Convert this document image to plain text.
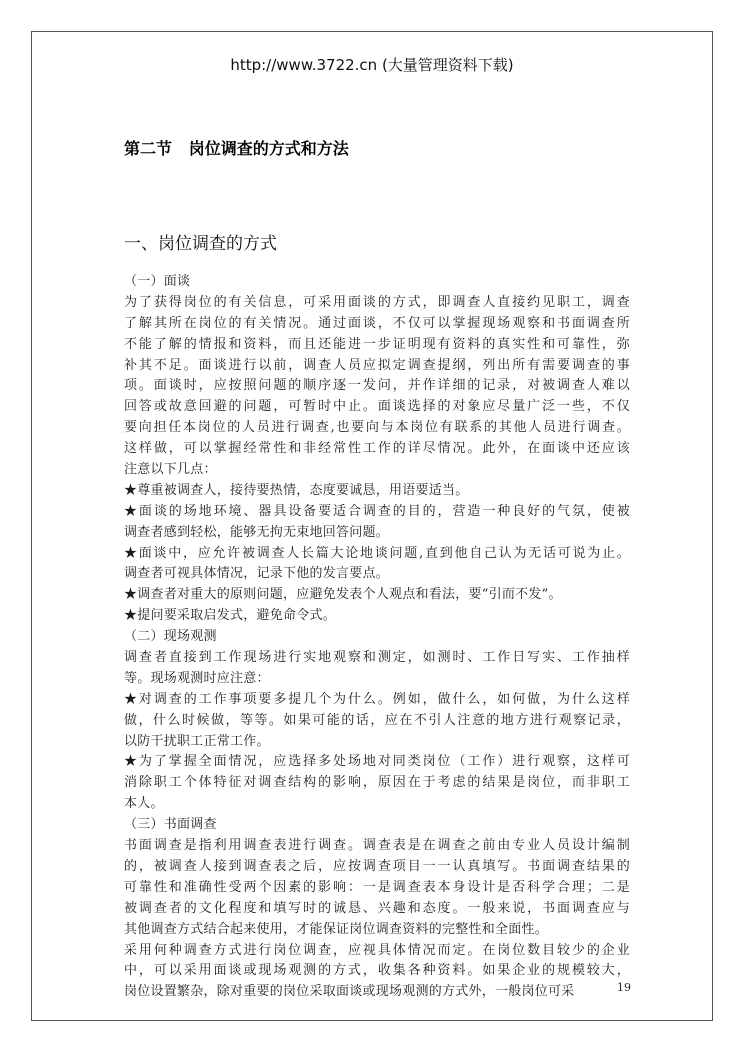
http://www.3722.cn (大量管理资料下载)
第二节   岗位调查的方式和方法
一、岗位调查的方式
（一）面谈
为了获得岗位的有关信息，可采用面谈的方式，即调查人直接约见职工，调查
了解其所在岗位的有关情况。通过面谈，不仅可以掌握现场观察和书面调查所
不能了解的情报和资料，而且还能进一步证明现有资料的真实性和可靠性，弥
补其不足。面谈进行以前，调查人员应拟定调查提纲，列出所有需要调查的事
项。面谈时，应按照问题的顺序逐一发问，并作详细的记录，对被调查人难以
回答或故意回避的问题，可暂时中止。面谈选择的对象应尽量广泛一些，不仅
要向担任本岗位的人员进行调查,也要向与本岗位有联系的其他人员进行调查。
这样做，可以掌握经常性和非经常性工作的详尽情况。此外，在面谈中还应该
注意以下几点：
★尊重被调查人，接待要热情，态度要诚恳，用语要适当。
★面谈的场地环境、器具设备要适合调查的目的，营造一种良好的气氛，使被
调查者感到轻松，能够无拘无束地回答问题。
★面谈中，应允许被调查人长篇大论地谈问题,直到他自己认为无话可说为止。
调查者可视具体情况，记录下他的发言要点。
★调查者对重大的原则问题，应避免发表个人观点和看法，要“引而不发”。
★提问要采取启发式，避免命令式。
（二）现场观测
调查者直接到工作现场进行实地观察和测定，如测时、工作日写实、工作抽样
等。现场观测时应注意：
★对调查的工作事项要多提几个为什么。例如，做什么，如何做，为什么这样
做，什么时候做，等等。如果可能的话，应在不引人注意的地方进行观察记录，
以防干扰职工正常工作。
★为了掌握全面情况，应选择多处场地对同类岗位（工作）进行观察，这样可
消除职工个体特征对调查结构的影响，原因在于考虑的结果是岗位，而非职工
本人。
（三）书面调查
书面调查是指利用调查表进行调查。调查表是在调查之前由专业人员设计编制
的，被调查人接到调查表之后，应按调查项目一一认真填写。书面调查结果的
可靠性和准确性受两个因素的影响：一是调查表本身设计是否科学合理；二是
被调查者的文化程度和填写时的诚恳、兴趣和态度。一般来说，书面调查应与
其他调查方式结合起来使用，才能保证岗位调查资料的完整性和全面性。
采用何种调查方式进行岗位调查，应视具体情况而定。在岗位数目较少的企业
中，可以采用面谈或现场观测的方式，收集各种资料。如果企业的规模较大，
岗位设置繁杂，除对重要的岗位采取面谈或现场观测的方式外，一般岗位可采	19
